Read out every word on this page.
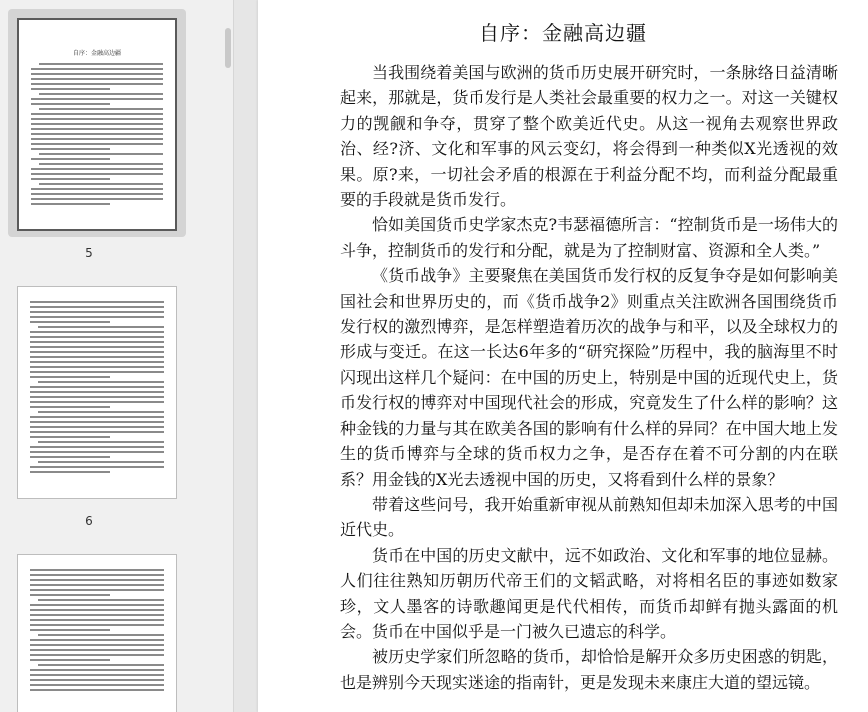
自序：金融高边疆
5
6
自序：金融高边疆

当我围绕着美国与欧洲的货币历史展开研究时，一条脉络日益清晰起来，那就是，货币发行是人类社会最重要的权力之一。对这一关键权力的觊觎和争夺，贯穿了整个欧美近代史。从这一视角去观察世界政治、经?济、文化和军事的风云变幻，将会得到一种类似X光透视的效果。原?来，一切社会矛盾的根源在于利益分配不均，而利益分配最重要的手段就是货币发行。

恰如美国货币史学家杰克?韦瑟福德所言：“控制货币是一场伟大的斗争，控制货币的发行和分配，就是为了控制财富、资源和全人类。”

《货币战争》主要聚焦在美国货币发行权的反复争夺是如何影响美国社会和世界历史的，而《货币战争2》则重点关注欧洲各国围绕货币发行权的激烈博弈，是怎样塑造着历次的战争与和平，以及全球权力的形成与变迁。在这一长达6年多的“研究探险”历程中，我的脑海里不时闪现出这样几个疑问：在中国的历史上，特别是中国的近现代史上，货币发行权的博弈对中国现代社会的形成，究竟发生了什么样的影响？这种金钱的力量与其在欧美各国的影响有什么样的异同？在中国大地上发生的货币博弈与全球的货币权力之争，是否存在着不可分割的内在联系？用金钱的X光去透视中国的历史，又将看到什么样的景象？

带着这些问号，我开始重新审视从前熟知但却未加深入思考的中国近代史。

货币在中国的历史文献中，远不如政治、文化和军事的地位显赫。人们往往熟知历朝历代帝王们的文韬武略，对将相名臣的事迹如数家珍，文人墨客的诗歌趣闻更是代代相传，而货币却鲜有抛头露面的机会。货币在中国似乎是一门被久已遗忘的科学。

被历史学家们所忽略的货币，却恰恰是解开众多历史困惑的钥匙，也是辨别今天现实迷途的指南针，更是发现未来康庄大道的望远镜。
